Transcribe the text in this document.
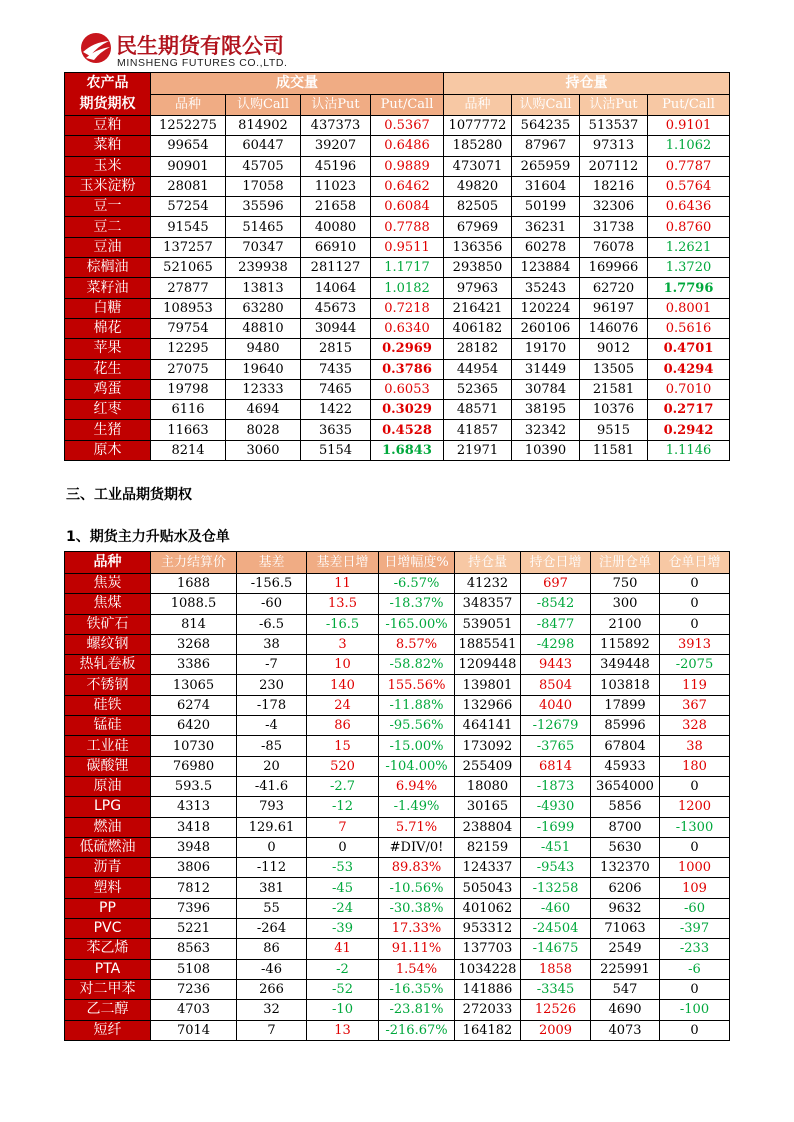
民生期货有限公司
MINSHENG FUTURES CO.,LTD.
农产品
期货期权	成交量				持仓量			
	品种	认购Call	认沽Put	Put/Call	品种	认购Call	认沽Put	Put/Call
豆粕	1252275	814902	437373	0.5367	1077772	564235	513537	0.9101
菜粕	99654	60447	39207	0.6486	185280	87967	97313	1.1062
玉米	90901	45705	45196	0.9889	473071	265959	207112	0.7787
玉米淀粉	28081	17058	11023	0.6462	49820	31604	18216	0.5764
豆一	57254	35596	21658	0.6084	82505	50199	32306	0.6436
豆二	91545	51465	40080	0.7788	67969	36231	31738	0.8760
豆油	137257	70347	66910	0.9511	136356	60278	76078	1.2621
棕榈油	521065	239938	281127	1.1717	293850	123884	169966	1.3720
菜籽油	27877	13813	14064	1.0182	97963	35243	62720	1.7796
白糖	108953	63280	45673	0.7218	216421	120224	96197	0.8001
棉花	79754	48810	30944	0.6340	406182	260106	146076	0.5616
苹果	12295	9480	2815	0.2969	28182	19170	9012	0.4701
花生	27075	19640	7435	0.3786	44954	31449	13505	0.4294
鸡蛋	19798	12333	7465	0.6053	52365	30784	21581	0.7010
红枣	6116	4694	1422	0.3029	48571	38195	10376	0.2717
生猪	11663	8028	3635	0.4528	41857	32342	9515	0.2942
原木	8214	3060	5154	1.6843	21971	10390	11581	1.1146
三、工业品期货期权
1、期货主力升贴水及仓单
品种	主力结算价	基差	基差日增	日增幅度%	持仓量	持仓日增	注册仓单	仓单日增
焦炭	1688	-156.5	11	-6.57%	41232	697	750	0
焦煤	1088.5	-60	13.5	-18.37%	348357	-8542	300	0
铁矿石	814	-6.5	-16.5	-165.00%	539051	-8477	2100	0
螺纹钢	3268	38	3	8.57%	1885541	-4298	115892	3913
热轧卷板	3386	-7	10	-58.82%	1209448	9443	349448	-2075
不锈钢	13065	230	140	155.56%	139801	8504	103818	119
硅铁	6274	-178	24	-11.88%	132966	4040	17899	367
锰硅	6420	-4	86	-95.56%	464141	-12679	85996	328
工业硅	10730	-85	15	-15.00%	173092	-3765	67804	38
碳酸锂	76980	20	520	-104.00%	255409	6814	45933	180
原油	593.5	-41.6	-2.7	6.94%	18080	-1873	3654000	0
LPG	4313	793	-12	-1.49%	30165	-4930	5856	1200
燃油	3418	129.61	7	5.71%	238804	-1699	8700	-1300
低硫燃油	3948	0	0	#DIV/0!	82159	-451	5630	0
沥青	3806	-112	-53	89.83%	124337	-9543	132370	1000
塑料	7812	381	-45	-10.56%	505043	-13258	6206	109
PP	7396	55	-24	-30.38%	401062	-460	9632	-60
PVC	5221	-264	-39	17.33%	953312	-24504	71063	-397
苯乙烯	8563	86	41	91.11%	137703	-14675	2549	-233
PTA	5108	-46	-2	1.54%	1034228	1858	225991	-6
对二甲苯	7236	266	-52	-16.35%	141886	-3345	547	0
乙二醇	4703	32	-10	-23.81%	272033	12526	4690	-100
短纤	7014	7	13	-216.67%	164182	2009	4073	0
